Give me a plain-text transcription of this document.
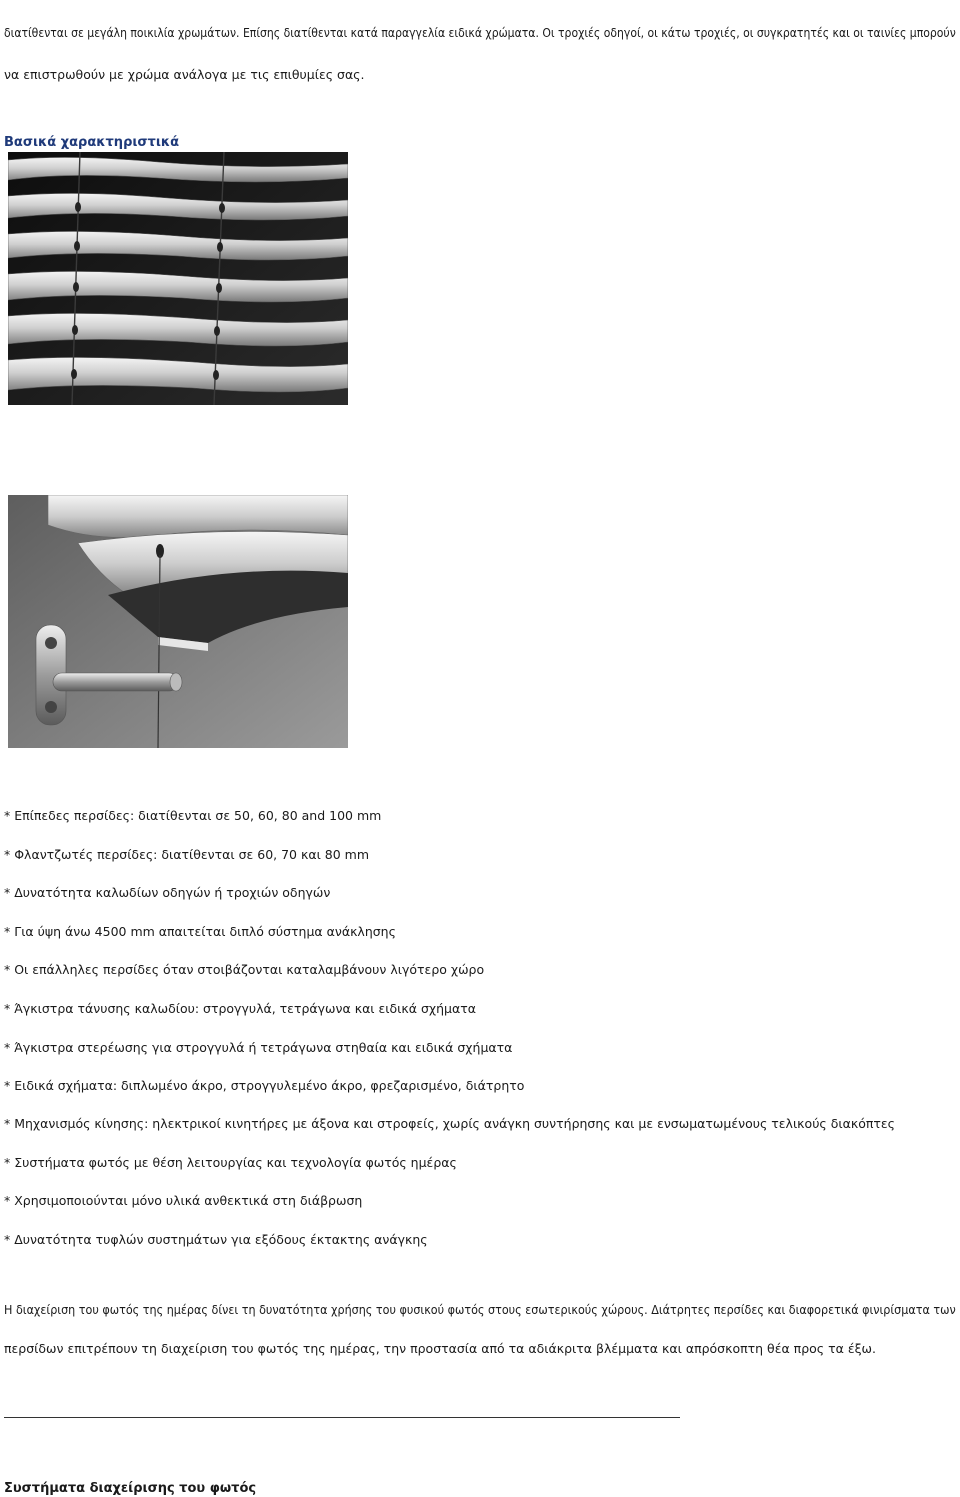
διατίθενται σε μεγάλη ποικιλία χρωμάτων. Επίσης διατίθενται κατά παραγγελία ειδικά χρώματα. Οι τροχιές οδηγοί, οι κάτω τροχιές, οι συγκρατητές και οι ταινίες μπορούν
να επιστρωθούν με χρώμα ανάλογα με τις επιθυμίες σας.
Βασικά χαρακτηριστικά
* Επίπεδες περσίδες: διατίθενται σε 50, 60, 80 and 100 mm
* Φλαντζωτές περσίδες: διατίθενται σε 60, 70 και 80 mm
* Δυνατότητα καλωδίων οδηγών ή τροχιών οδηγών
* Για ύψη άνω 4500 mm απαιτείται διπλό σύστημα ανάκλησης
* Οι επάλληλες περσίδες όταν στοιβάζονται καταλαμβάνουν λιγότερο χώρο
* Άγκιστρα τάνυσης καλωδίου: στρογγυλά, τετράγωνα και ειδικά σχήματα
* Άγκιστρα στερέωσης για στρογγυλά ή τετράγωνα στηθαία και ειδικά σχήματα
* Ειδικά σχήματα: διπλωμένο άκρο, στρογγυλεμένο άκρο, φρεζαρισμένο, διάτρητο
* Μηχανισμός κίνησης: ηλεκτρικοί κινητήρες με άξονα και στροφείς, χωρίς ανάγκη συντήρησης και με ενσωματωμένους τελικούς διακόπτες
* Συστήματα φωτός με θέση λειτουργίας και τεχνολογία φωτός ημέρας
* Χρησιμοποιούνται μόνο υλικά ανθεκτικά στη διάβρωση
* Δυνατότητα τυφλών συστημάτων για εξόδους έκτακτης ανάγκης
Η διαχείριση του φωτός της ημέρας δίνει τη δυνατότητα χρήσης του φυσικού φωτός στους εσωτερικούς χώρους. Διάτρητες περσίδες και διαφορετικά φινιρίσματα των
περσίδων επιτρέπουν τη διαχείριση του φωτός της ημέρας, την προστασία από τα αδιάκριτα βλέμματα και απρόσκοπτη θέα προς τα έξω.
Συστήματα διαχείρισης του φωτός
